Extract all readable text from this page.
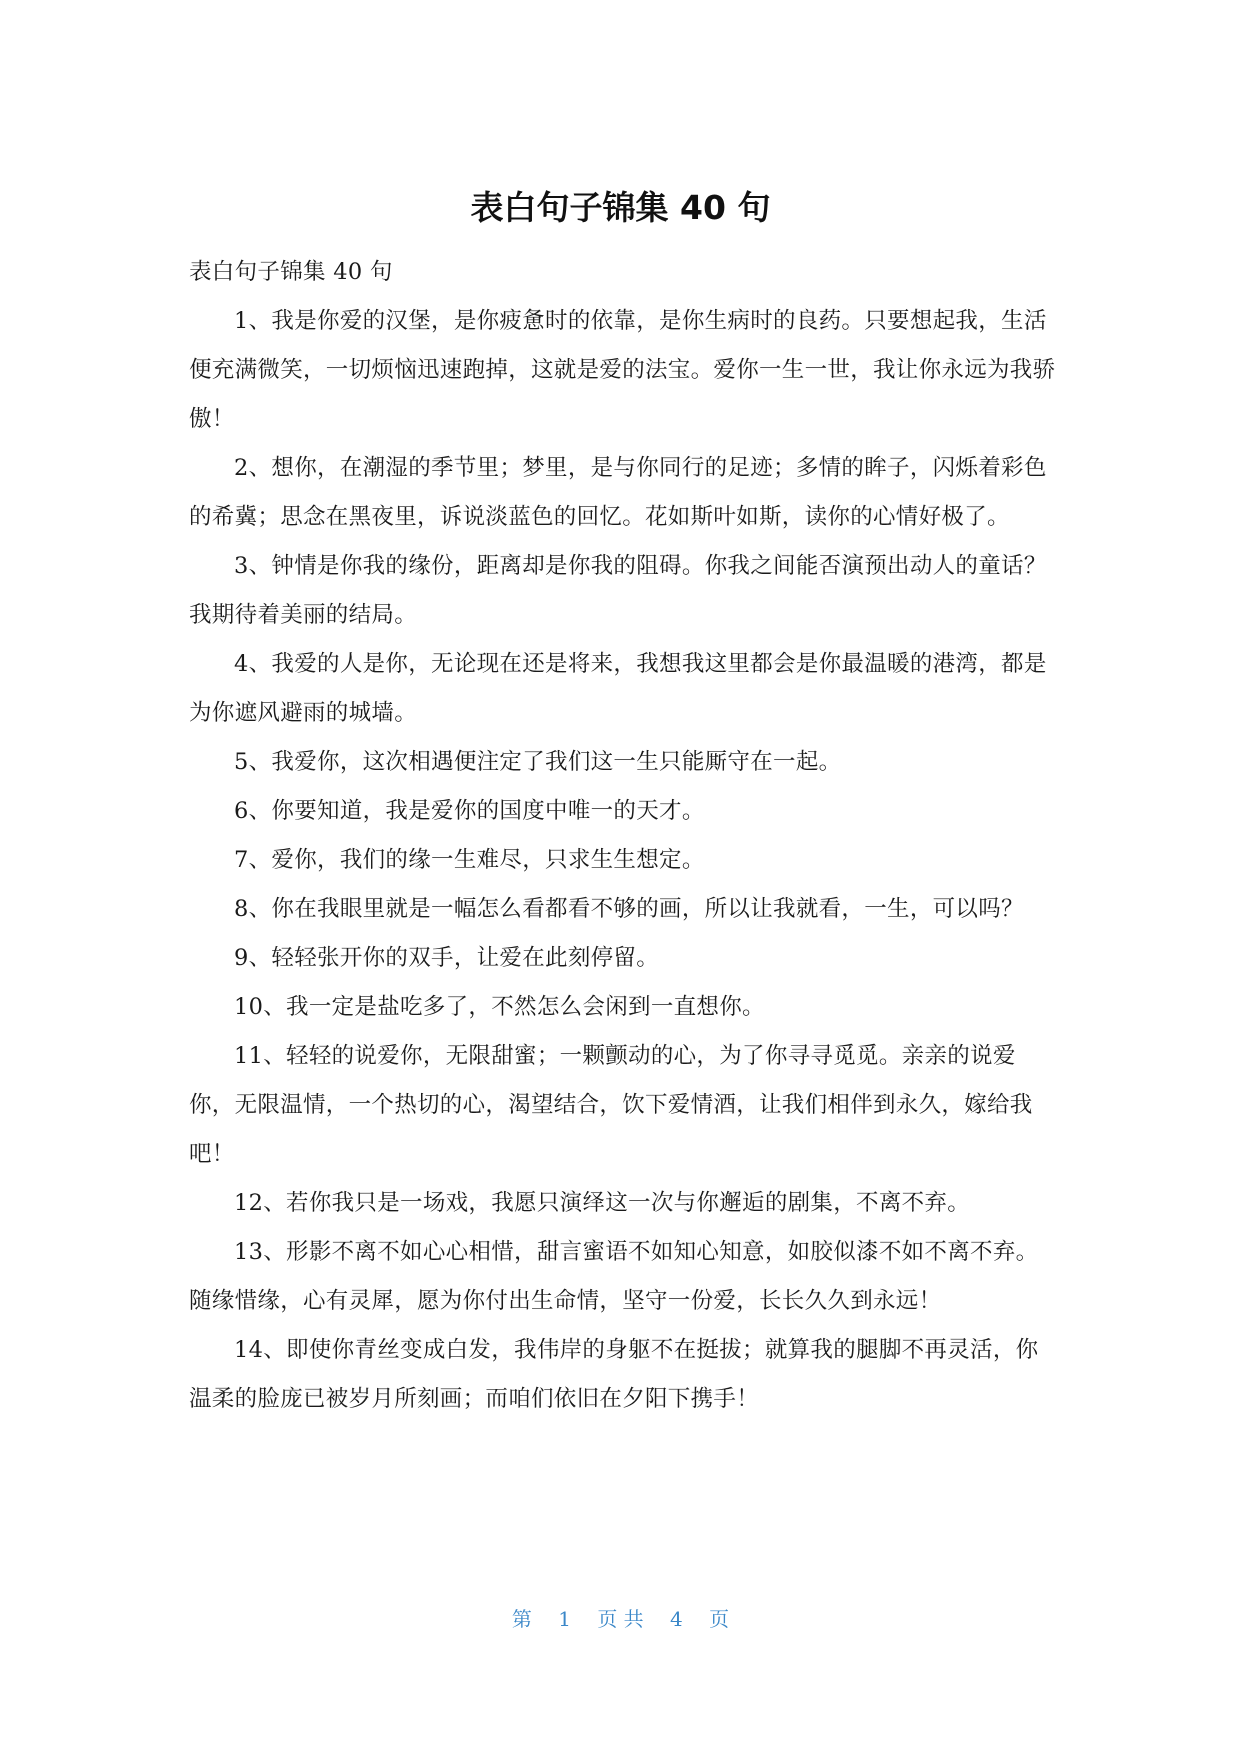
表白句子锦集 40 句

表白句子锦集 40 句

1、我是你爱的汉堡，是你疲惫时的依靠，是你生病时的良药。只要想起我，生活便充满微笑，一切烦恼迅速跑掉，这就是爱的法宝。爱你一生一世，我让你永远为我骄傲！

2、想你，在潮湿的季节里；梦里，是与你同行的足迹；多情的眸子，闪烁着彩色的希冀；思念在黑夜里，诉说淡蓝色的回忆。花如斯叶如斯，读你的心情好极了。

3、钟情是你我的缘份，距离却是你我的阻碍。你我之间能否演预出动人的童话？我期待着美丽的结局。

4、我爱的人是你，无论现在还是将来，我想我这里都会是你最温暖的港湾，都是为你遮风避雨的城墙。

5、我爱你，这次相遇便注定了我们这一生只能厮守在一起。

6、你要知道，我是爱你的国度中唯一的天才。

7、爱你，我们的缘一生难尽，只求生生想定。

8、你在我眼里就是一幅怎么看都看不够的画，所以让我就看，一生，可以吗？

9、轻轻张开你的双手，让爱在此刻停留。

10、我一定是盐吃多了，不然怎么会闲到一直想你。

11、轻轻的说爱你，无限甜蜜；一颗颤动的心，为了你寻寻觅觅。亲亲的说爱你，无限温情，一个热切的心，渴望结合，饮下爱情酒，让我们相伴到永久，嫁给我吧！

12、若你我只是一场戏，我愿只演绎这一次与你邂逅的剧集，不离不弃。

13、形影不离不如心心相惜，甜言蜜语不如知心知意，如胶似漆不如不离不弃。随缘惜缘，心有灵犀，愿为你付出生命情，坚守一份爱，长长久久到永远！

14、即使你青丝变成白发，我伟岸的身躯不在挺拔；就算我的腿脚不再灵活，你温柔的脸庞已被岁月所刻画；而咱们依旧在夕阳下携手！

第 1 页 共 4 页
